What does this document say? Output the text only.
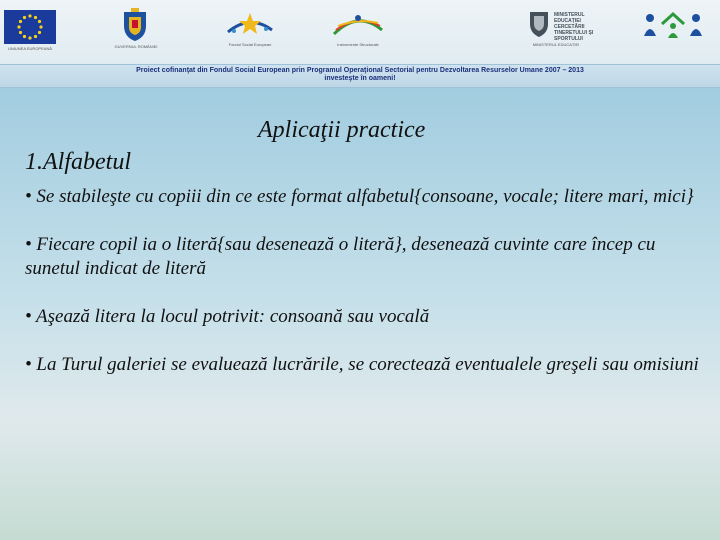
UNIUNEA EUROPEANĂ	GUVERNUL ROMÂNIEI	Fondul Social European	Instrumente Structurale
MINISTERUL EDUCAȚIEI CERCETĂRII TINERETULUI ȘI SPORTULUI
MINISTERUL EDUCAȚIEI
Proiect cofinanţat din Fondul Social European prin Programul Operaţional Sectorial pentru Dezvoltarea Resurselor Umane 2007 – 2013
investeşte în oameni!
Aplicaţii practice
1.Alfabetul
• Se stabileşte cu copiii din ce este format alfabetul{consoane, vocale; litere mari, mici}
• Fiecare copil ia o literă{sau desenează o literă}, desenează cuvinte care încep cu sunetul indicat de literă
• Aşează litera la locul potrivit: consoană sau vocală
• La Turul galeriei se evaluează lucrările, se corectează eventualele greşeli sau omisiuni
